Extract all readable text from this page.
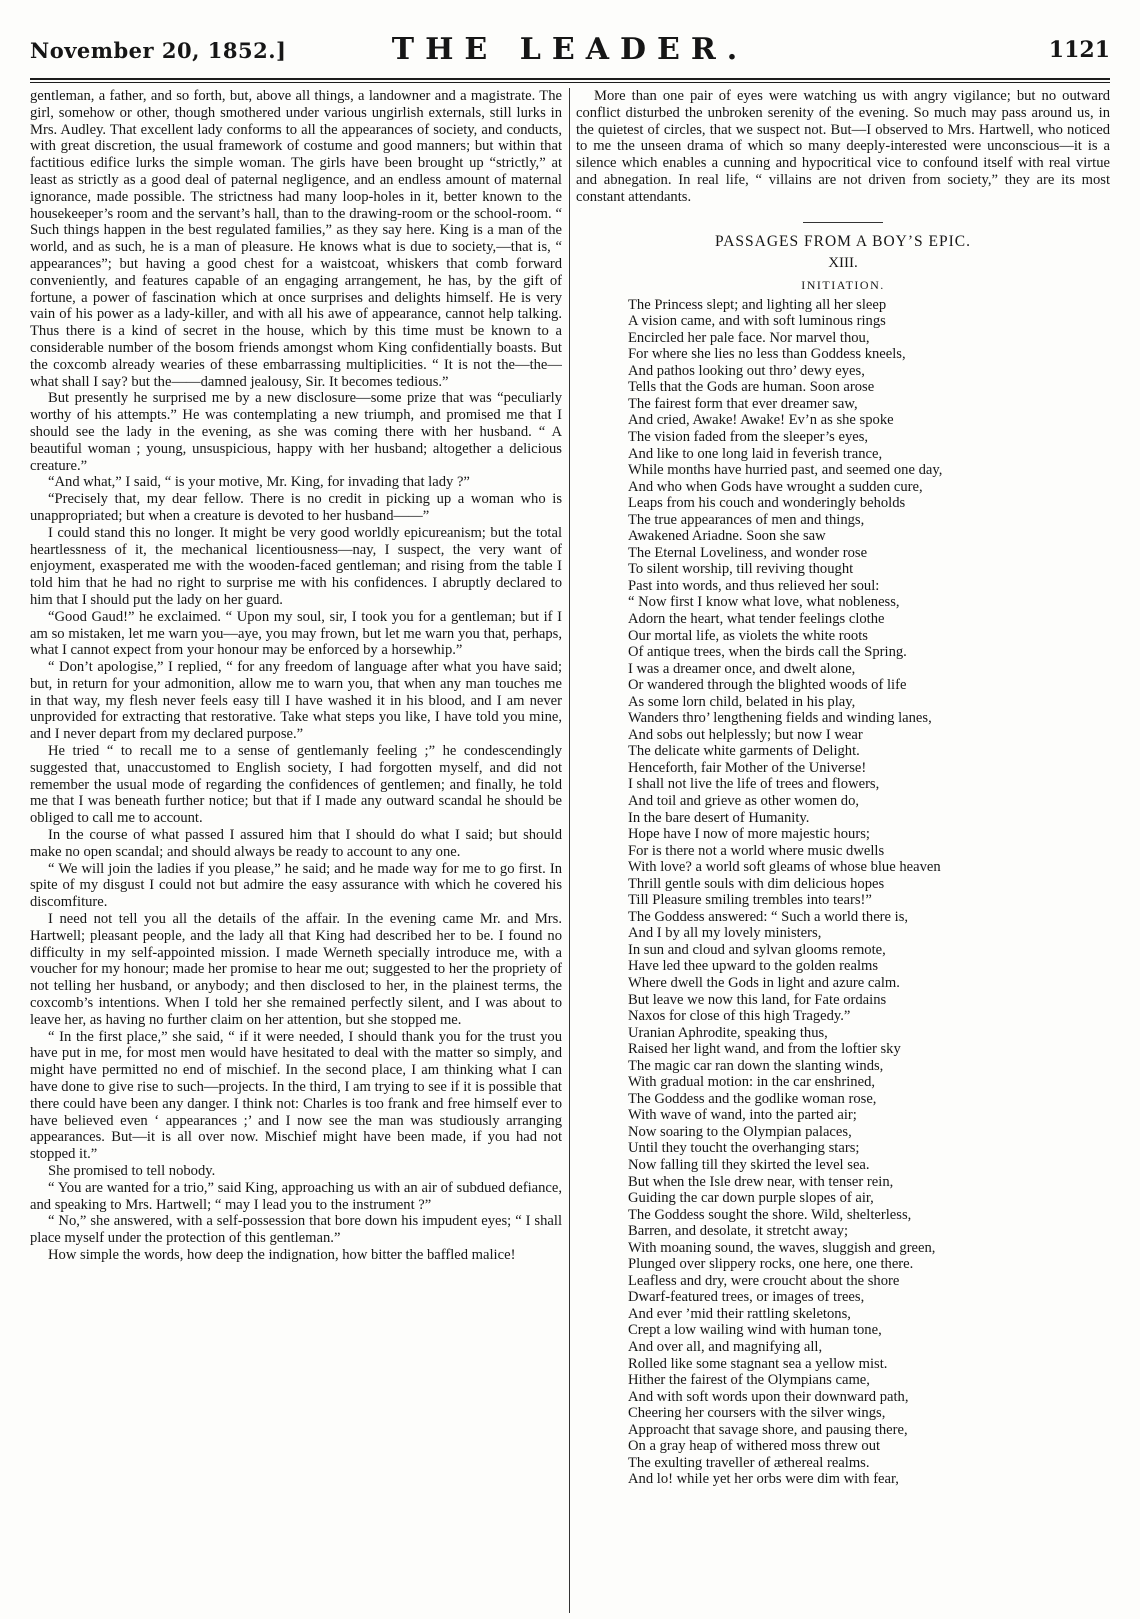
November 20, 1852.]	THE LEADER.	1121

gentleman, a father, and so forth, but, above all things, a landowner and a magistrate. The girl, somehow or other, though smothered under various ungirlish externals, still lurks in Mrs. Audley. That excellent lady conforms to all the appearances of society, and conducts, with great discretion, the usual framework of costume and good manners; but within that factitious edifice lurks the simple woman. The girls have been brought up “strictly,” at least as strictly as a good deal of paternal negligence, and an endless amount of maternal ignorance, made possible. The strictness had many loop-holes in it, better known to the housekeeper’s room and the servant’s hall, than to the drawing-room or the school-room. “ Such things happen in the best regulated families,” as they say here. King is a man of the world, and as such, he is a man of pleasure. He knows what is due to society,—that is, “ appearances”; but having a good chest for a waistcoat, whiskers that comb forward conveniently, and features capable of an engaging arrangement, he has, by the gift of fortune, a power of fascination which at once surprises and delights himself. He is very vain of his power as a lady-killer, and with all his awe of appearance, cannot help talking. Thus there is a kind of secret in the house, which by this time must be known to a considerable number of the bosom friends amongst whom King confidentially boasts. But the coxcomb already wearies of these embarrassing multiplicities. “ It is not the—the—what shall I say? but the——damned jealousy, Sir. It becomes tedious.”

But presently he surprised me by a new disclosure—some prize that was “peculiarly worthy of his attempts.” He was contemplating a new triumph, and promised me that I should see the lady in the evening, as she was coming there with her husband. “ A beautiful woman ; young, unsuspicious, happy with her husband; altogether a delicious creature.”

“And what,” I said, “ is your motive, Mr. King, for invading that lady ?”

“Precisely that, my dear fellow. There is no credit in picking up a woman who is unappropriated; but when a creature is devoted to her husband——”

I could stand this no longer. It might be very good worldly epicureanism; but the total heartlessness of it, the mechanical licentiousness—nay, I suspect, the very want of enjoyment, exasperated me with the wooden-faced gentleman; and rising from the table I told him that he had no right to surprise me with his confidences. I abruptly declared to him that I should put the lady on her guard.

“Good Gaud!” he exclaimed. “ Upon my soul, sir, I took you for a gentleman; but if I am so mistaken, let me warn you—aye, you may frown, but let me warn you that, perhaps, what I cannot expect from your honour may be enforced by a horsewhip.”

“ Don’t apologise,” I replied, “ for any freedom of language after what you have said; but, in return for your admonition, allow me to warn you, that when any man touches me in that way, my flesh never feels easy till I have washed it in his blood, and I am never unprovided for extracting that restorative. Take what steps you like, I have told you mine, and I never depart from my declared purpose.”

He tried “ to recall me to a sense of gentlemanly feeling ;” he condescendingly suggested that, unaccustomed to English society, I had forgotten myself, and did not remember the usual mode of regarding the confidences of gentlemen; and finally, he told me that I was beneath further notice; but that if I made any outward scandal he should be obliged to call me to account.

In the course of what passed I assured him that I should do what I said; but should make no open scandal; and should always be ready to account to any one.

“ We will join the ladies if you please,” he said; and he made way for me to go first. In spite of my disgust I could not but admire the easy assurance with which he covered his discomfiture.

I need not tell you all the details of the affair. In the evening came Mr. and Mrs. Hartwell; pleasant people, and the lady all that King had described her to be. I found no difficulty in my self-appointed mission. I made Werneth specially introduce me, with a voucher for my honour; made her promise to hear me out; suggested to her the propriety of not telling her husband, or anybody; and then disclosed to her, in the plainest terms, the coxcomb’s intentions. When I told her she remained perfectly silent, and I was about to leave her, as having no further claim on her attention, but she stopped me.

“ In the first place,” she said, “ if it were needed, I should thank you for the trust you have put in me, for most men would have hesitated to deal with the matter so simply, and might have permitted no end of mischief. In the second place, I am thinking what I can have done to give rise to such—projects. In the third, I am trying to see if it is possible that there could have been any danger. I think not: Charles is too frank and free himself ever to have believed even ‘ appearances ;’ and I now see the man was studiously arranging appearances. But—it is all over now. Mischief might have been made, if you had not stopped it.”

She promised to tell nobody.

“ You are wanted for a trio,” said King, approaching us with an air of subdued defiance, and speaking to Mrs. Hartwell; “ may I lead you to the instrument ?”

“ No,” she answered, with a self-possession that bore down his impudent eyes; “ I shall place myself under the protection of this gentleman.”

How simple the words, how deep the indignation, how bitter the baffled malice!

More than one pair of eyes were watching us with angry vigilance; but no outward conflict disturbed the unbroken serenity of the evening. So much may pass around us, in the quietest of circles, that we suspect not. But—I observed to Mrs. Hartwell, who noticed to me the unseen drama of which so many deeply-interested were unconscious—it is a silence which enables a cunning and hypocritical vice to confound itself with real virtue and abnegation. In real life, “ villains are not driven from society,” they are its most constant attendants.

PASSAGES FROM A BOY’S EPIC.
XIII.
INITIATION.
The Princess slept; and lighting all her sleep
A vision came, and with soft luminous rings
Encircled her pale face. Nor marvel thou,
For where she lies no less than Goddess kneels,
And pathos looking out thro’ dewy eyes,
Tells that the Gods are human. Soon arose
The fairest form that ever dreamer saw,
And cried, Awake! Awake! Ev’n as she spoke
The vision faded from the sleeper’s eyes,
And like to one long laid in feverish trance,
While months have hurried past, and seemed one day,
And who when Gods have wrought a sudden cure,
Leaps from his couch and wonderingly beholds
The true appearances of men and things,
Awakened Ariadne. Soon she saw
The Eternal Loveliness, and wonder rose
To silent worship, till reviving thought
Past into words, and thus relieved her soul:
“ Now first I know what love, what nobleness,
Adorn the heart, what tender feelings clothe
Our mortal life, as violets the white roots
Of antique trees, when the birds call the Spring.
I was a dreamer once, and dwelt alone,
Or wandered through the blighted woods of life
As some lorn child, belated in his play,
Wanders thro’ lengthening fields and winding lanes,
And sobs out helplessly; but now I wear
The delicate white garments of Delight.
Henceforth, fair Mother of the Universe!
I shall not live the life of trees and flowers,
And toil and grieve as other women do,
In the bare desert of Humanity.
Hope have I now of more majestic hours;
For is there not a world where music dwells
With love? a world soft gleams of whose blue heaven
Thrill gentle souls with dim delicious hopes
Till Pleasure smiling trembles into tears!”
The Goddess answered: “ Such a world there is,
And I by all my lovely ministers,
In sun and cloud and sylvan glooms remote,
Have led thee upward to the golden realms
Where dwell the Gods in light and azure calm.
But leave we now this land, for Fate ordains
Naxos for close of this high Tragedy.”
Uranian Aphrodite, speaking thus,
Raised her light wand, and from the loftier sky
The magic car ran down the slanting winds,
With gradual motion: in the car enshrined,
The Goddess and the godlike woman rose,
With wave of wand, into the parted air;
Now soaring to the Olympian palaces,
Until they toucht the overhanging stars;
Now falling till they skirted the level sea.
But when the Isle drew near, with tenser rein,
Guiding the car down purple slopes of air,
The Goddess sought the shore. Wild, shelterless,
Barren, and desolate, it stretcht away;
With moaning sound, the waves, sluggish and green,
Plunged over slippery rocks, one here, one there.
Leafless and dry, were croucht about the shore
Dwarf-featured trees, or images of trees,
And ever ’mid their rattling skeletons,
Crept a low wailing wind with human tone,
And over all, and magnifying all,
Rolled like some stagnant sea a yellow mist.
Hither the fairest of the Olympians came,
And with soft words upon their downward path,
Cheering her coursers with the silver wings,
Approacht that savage shore, and pausing there,
On a gray heap of withered moss threw out
The exulting traveller of æthereal realms.
And lo! while yet her orbs were dim with fear,
